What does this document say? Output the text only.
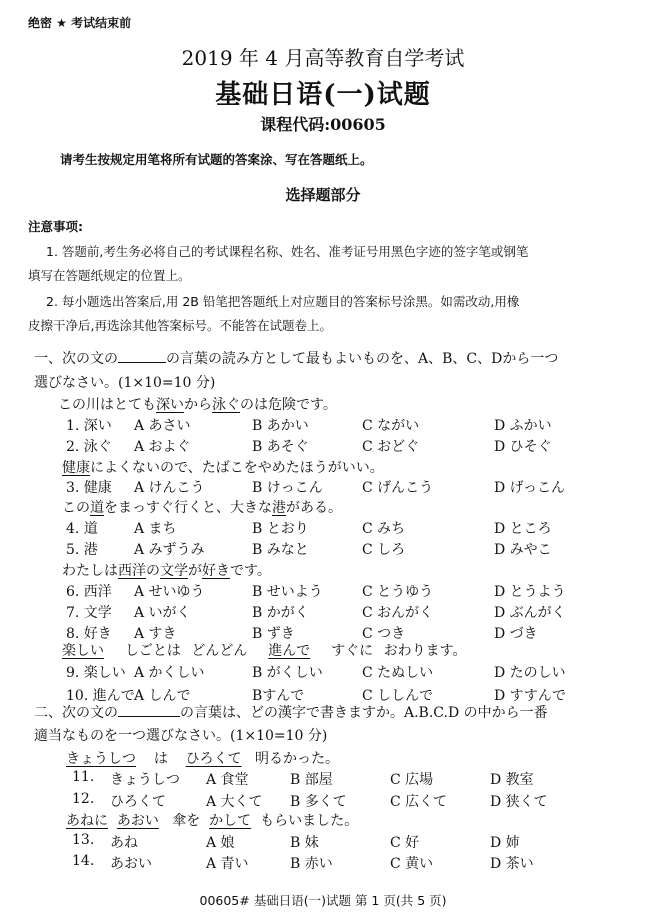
绝密 ★ 考试结束前
2019 年 4 月高等教育自学考试
基础日语(一)试题
课程代码:00605
请考生按规定用笔将所有试题的答案涂、写在答题纸上。
选择题部分
注意事项:
1. 答题前,考生务必将自己的考试课程名称、姓名、准考证号用黑色字迹的签字笔或钢笔
填写在答题纸规定的位置上。
2. 每小题选出答案后,用 2B 铅笔把答题纸上对应题目的答案标号涂黑。如需改动,用橡
皮擦干净后,再选涂其他答案标号。不能答在试题卷上。
一、次の文の	の言葉の読み方として最もよいものを、A、B、C、Dから一つ
選びなさい。(1×10=10 分)
この川はとても深いから泳ぐのは危険です。
1. 深い A あさい	B あかい	C ながい	D ふかい
2. 泳ぐ A およぐ	B あそぐ	C おどぐ	D ひそぐ
3. 健康 A けんこう	B けっこん	C げんこう	D げっこん
4. 道	A まち	B とおり	C みち	D ところ
5. 港	A みずうみ	B みなと	C しろ	D みやこ
6. 西洋 A せいゆう	B せいよう	C とうゆう	D とうよう
7. 文学 A いがく	B かがく	C おんがく	D ぶんがく
8. 好き A すき	B ずき	C つき	D づき
9. 楽しい A かくしい	B がくしい	C たぬしい	D たのしい
10. 進んで A しんで	Bすんで	C ししんで	D すすんで
健康によくないので、たばこをやめたほうがいい。
この道をまっすぐ行くと、大きな港がある。
わたしは西洋の文学が好きです。
楽しい しごとは どんどん 進んで すぐに おわります。
二、次の文の	の言葉は、どの漢字で書きますか。A.B.C.D の中から一番
適当なものを一つ選びなさい。(1×10=10 分)
きょうしつ は ひろくて 明るかった。
あねに あおい 傘を かして もらいました。
11. きょうしつ A 食堂	B 部屋	C 広場	D 教室
12. ひろくて	A 大くて B 多くて	C 広くて	D 狭くて
13. あね	A 娘	B 妹	C 好	D 姉
14. あおい	A 青い	B 赤い	C 黄い	D 茶い
00605# 基础日语(一)试题 第 1 页(共 5 页)
